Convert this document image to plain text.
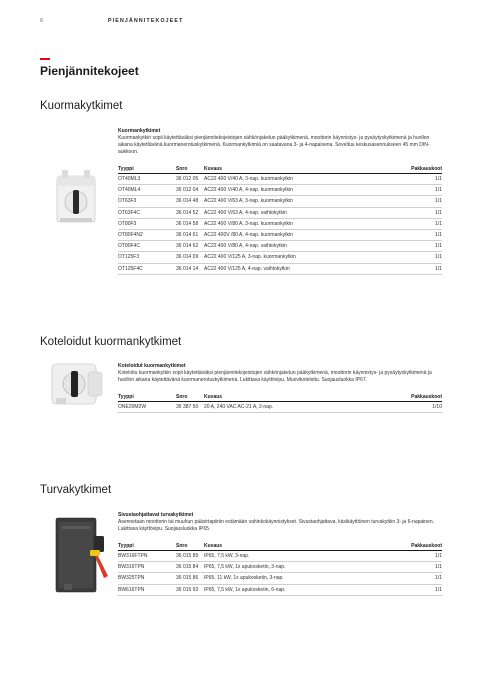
6	PIENJÄNNITEKOJEET
Pienjännitekojeet
Kuormakytkimet
Kuormankytkimet
Kuormankytkin sopii käytettäväksi pienjännitekojeistojen sähkönjakelun pääkytkimenä, moottorin käynnistys- ja pysäytyskytkimenä ja huollon aikana käytettävänä kuormanerotuskytkimenä. Kuormankytkimiä on saatavana 3- ja 4-napaisena. Soveltuu keskusasennukseen 45 mm DIN-aukkoon.
Tyyppi	Snro	Kuvaus	Pakkauskoot
OT40ML3	36 012 05	AC22 400 V/40 A, 3-nap. kuormankytkin	1/1
OT40ML4	36 012 04	AC22 400 V/40 A, 4-nap. kuormankytkin	1/1
OT63F3	36 014 48	AC22 400 V/63 A, 3-nap. kuormankytkin	1/1
OT63F4C	36 014 52	AC22 400 V/63 A, 4-nap. vaihtokytkin	1/1
OT80F3	36 014 58	AC22 400 V/80 A, 3-nap. kuormankytkin	1/1
OT80F4N2	36 014 61	AC22 400V /80 A, 4-nap. kuormankytkin	1/1
OT80F4C	36 014 62	AC22 400 V/80 A, 4-nap. vaihtokytkin	1/1
OT125F3	36 014 09	AC22 400 V/125 A, 3-nap. kuormankytkin	1/1
OT125F4C	36 014 14	AC22 400 V/125 A, 4-nap. vaihtokytkin	1/1
Koteloidut kuormankytkimet
Koteloidut kuormankytkimet
Koteloitu kuormankytkin sopii käytettäväksi pienjännitekojeistojen sähkönjakelun pääkytkimenä, moottorin käynnistys- ja pysäytyskytkimenä ja huollon aikana käytettävänä kuormanerotuskytkimenä. Lukittava käyttövipu. Muovikoteloitu. Suojausluokka IP67.
Tyyppi	Snro	Kuvaus	Pakkauskoot
ONE20M2W	36 387 50	20 A, 240 VAC AC-21 A, 2-nap.	1/10
Turvakytkimet
Sivustaohjattavat turvakytkimet
Asennetaan moottorin tai muuhun päävirtapiiriin estämään vahinkokäynnistykset. Sivustaohjattava, käsikäyttöinen turvakytkin 3- ja 6-napainen. Lukittava käyttövipu. Suojausluokka IP65.
Tyyppi	Snro	Kuvaus	Pakkauskoot
BW316FTPN	36 015 85	IP65, 7,5 kW, 3-nap.	1/1
BW316TPN	36 015 84	IP65, 7,5 kW, 1x apukosketin, 3-nap.	1/1
BW325TPN	36 015 86	IP65, 11 kW, 1x apukosketin, 3-nap.	1/1
BW616TPN	36 015 93	IP65, 7,5 kW, 1x apukosketin, 6-nap.	1/1
